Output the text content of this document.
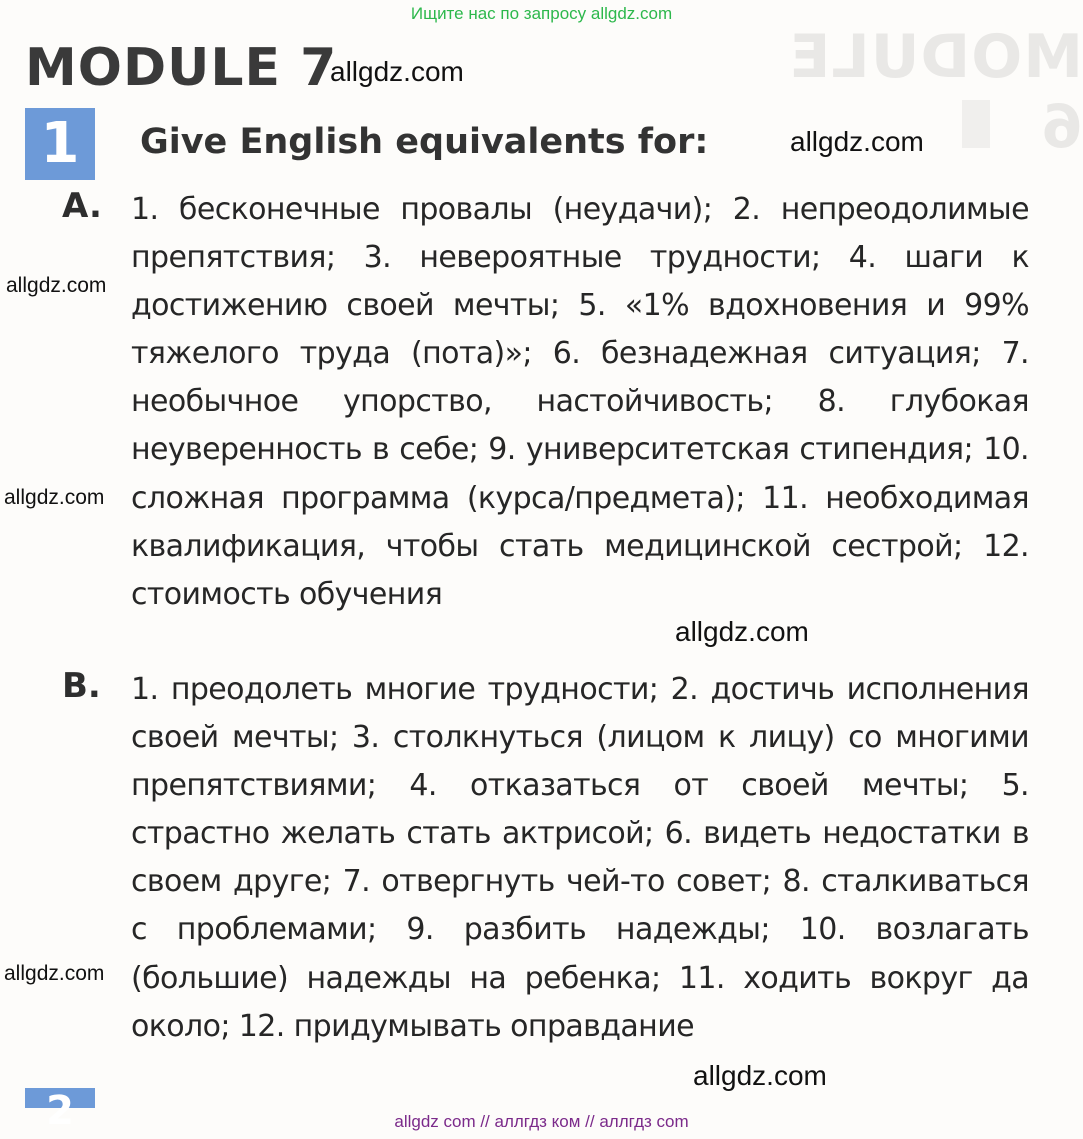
MODULE 6
Ищите нас по запросу allgdz.com
MODULE 7
1	Give English equivalents for:
A. 1. бесконечные провалы (неудачи); 2. непреодолимые препятствия; 3. невероятные трудности; 4. шаги к достижению своей мечты; 5. «1% вдохновения и 99% тяжелого труда (пота)»; 6. безнадежная ситуация; 7. необычное упорство, настойчивость; 8. глубокая неуверенность в себе; 9. университетская стипендия; 10. сложная программа (курса/предмета); 11. необходимая квалификация, чтобы стать медицинской сестрой; 12. стоимость обучения
B. 1. преодолеть многие трудности; 2. достичь исполнения своей мечты; 3. столкнуться (лицом к лицу) со многими препятствиями; 4. отказаться от своей мечты; 5. страстно желать стать актрисой; 6. видеть недостатки в своем друге; 7. отвергнуть чей-то совет; 8. сталкиваться с проблемами; 9. разбить надежды; 10. возлагать (большие) надежды на ребенка; 11. ходить вокруг да около; 12. придумывать оправдание
2
allgdz.com
allgdz.com
allgdz.com
allgdz.com
allgdz.com
allgdz.com
allgdz.com
allgdz com // аллгдз ком // аллгдз com
